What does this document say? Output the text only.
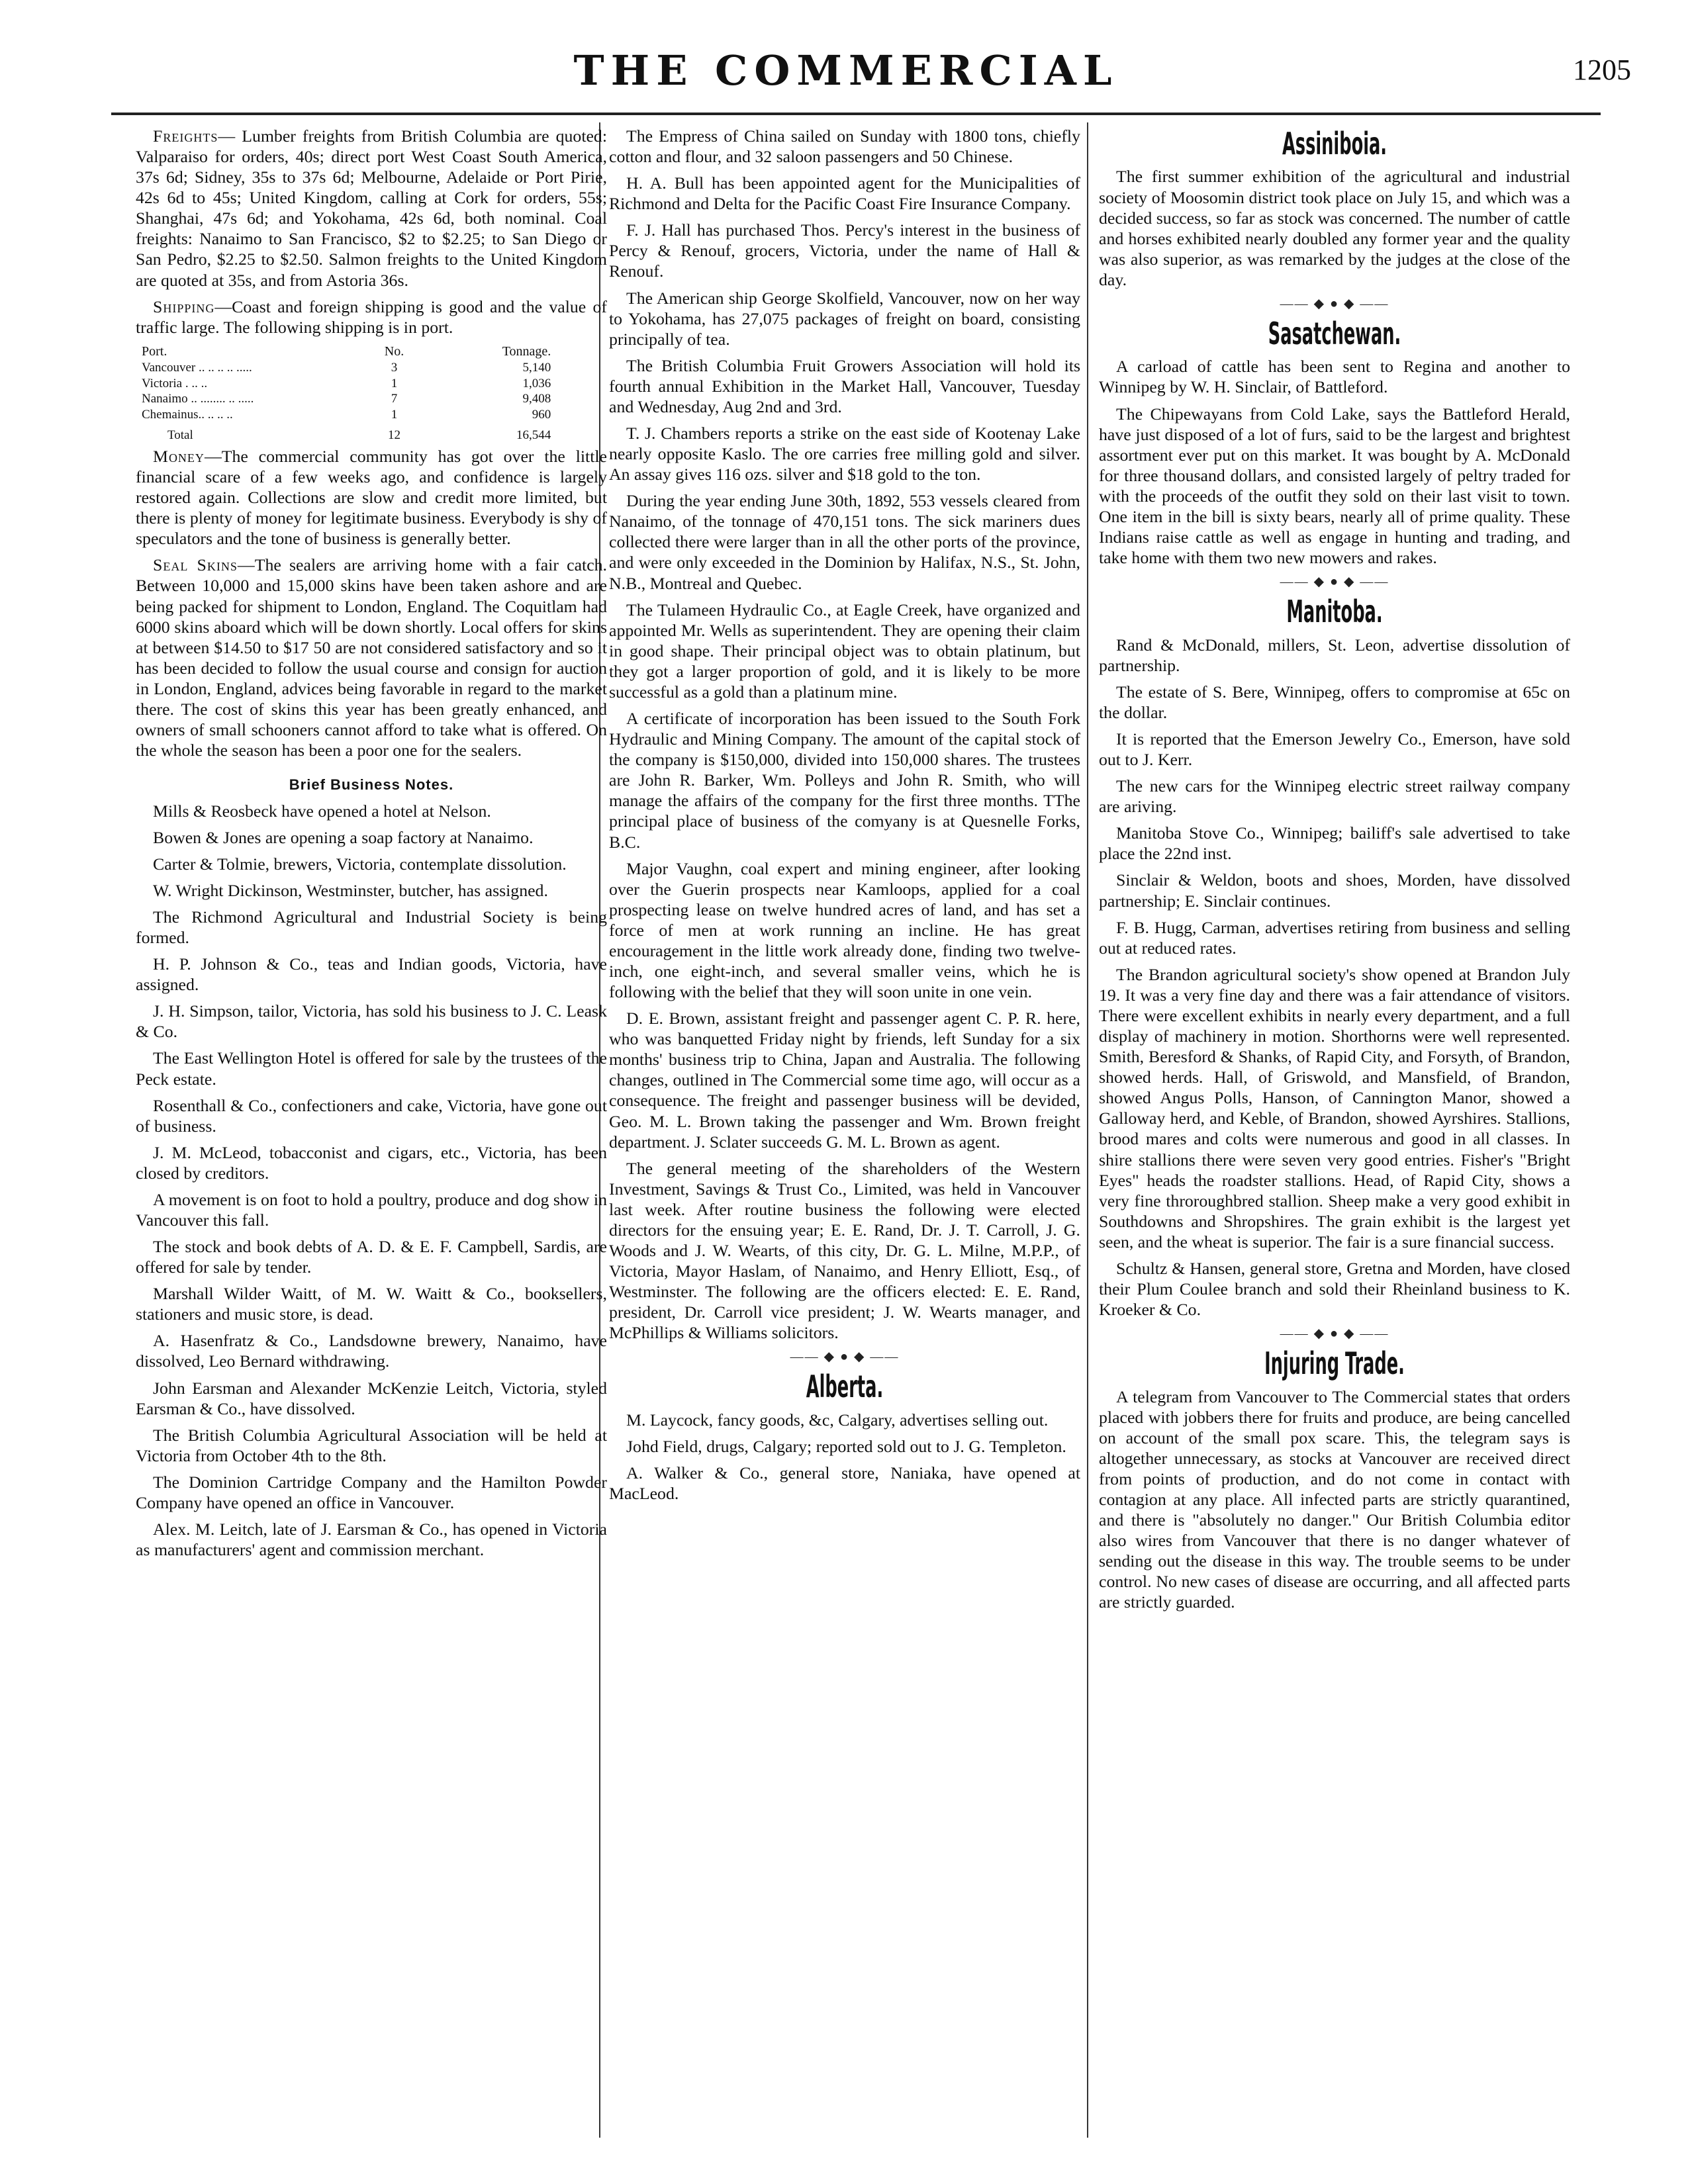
THE COMMERCIAL	1205

Freights— Lumber freights from British Columbia are quoted: Valparaiso for orders, 40s; direct port West Coast South America, 37s 6d; Sidney, 35s to 37s 6d; Melbourne, Adelaide or Port Pirie, 42s 6d to 45s; United Kingdom, calling at Cork for orders, 55s; Shanghai, 47s 6d; and Yokohama, 42s 6d, both nominal. Coal freights: Nanaimo to San Francisco, $2 to $2.25; to San Diego or San Pedro, $2.25 to $2.50. Salmon freights to the United Kingdom are quoted at 35s, and from Astoria 36s.

Shipping—Coast and foreign shipping is good and the value of traffic large. The following shipping is in port.

Port.	No.	Tonnage.
Vancouver .. .. .. .. .....	3	5,140
Victoria . .. ..	1	1,036
Nanaimo .. ........ .. .....	7	9,408
Chemainus.. .. .. ..	1	960
Total	12	16,544

Money—The commercial community has got over the little financial scare of a few weeks ago, and confidence is largely restored again. Collections are slow and credit more limited, but there is plenty of money for legitimate business. Everybody is shy of speculators and the tone of business is generally better.

Seal Skins—The sealers are arriving home with a fair catch. Between 10,000 and 15,000 skins have been taken ashore and are being packed for shipment to London, England. The Coquitlam had 6000 skins aboard which will be down shortly. Local offers for skins at between $14.50 to $17 50 are not considered satisfactory and so it has been decided to follow the usual course and consign for auction in London, England, advices being favorable in regard to the market there. The cost of skins this year has been greatly enhanced, and owners of small schooners cannot afford to take what is offered. On the whole the season has been a poor one for the sealers.

Brief Business Notes.

Mills & Reosbeck have opened a hotel at Nelson.

Bowen & Jones are opening a soap factory at Nanaimo.

Carter & Tolmie, brewers, Victoria, contemplate dissolution.

W. Wright Dickinson, Westminster, butcher, has assigned.

The Richmond Agricultural and Industrial Society is being formed.

H. P. Johnson & Co., teas and Indian goods, Victoria, have assigned.

J. H. Simpson, tailor, Victoria, has sold his business to J. C. Leask & Co.

The East Wellington Hotel is offered for sale by the trustees of the Peck estate.

Rosenthall & Co., confectioners and cake, Victoria, have gone out of business.

J. M. McLeod, tobacconist and cigars, etc., Victoria, has been closed by creditors.

A movement is on foot to hold a poultry, produce and dog show in Vancouver this fall.

The stock and book debts of A. D. & E. F. Campbell, Sardis, are offered for sale by tender.

Marshall Wilder Waitt, of M. W. Waitt & Co., booksellers, stationers and music store, is dead.

A. Hasenfratz & Co., Landsdowne brewery, Nanaimo, have dissolved, Leo Bernard withdrawing.

John Earsman and Alexander McKenzie Leitch, Victoria, styled Earsman & Co., have dissolved.

The British Columbia Agricultural Association will be held at Victoria from October 4th to the 8th.

The Dominion Cartridge Company and the Hamilton Powder Company have opened an office in Vancouver.

Alex. M. Leitch, late of J. Earsman & Co., has opened in Victoria as manufacturers' agent and commission merchant.

The Empress of China sailed on Sunday with 1800 tons, chiefly cotton and flour, and 32 saloon passengers and 50 Chinese.

H. A. Bull has been appointed agent for the Municipalities of Richmond and Delta for the Pacific Coast Fire Insurance Company.

F. J. Hall has purchased Thos. Percy's interest in the business of Percy & Renouf, grocers, Victoria, under the name of Hall & Renouf.

The American ship George Skolfield, Vancouver, now on her way to Yokohama, has 27,075 packages of freight on board, consisting principally of tea.

The British Columbia Fruit Growers Association will hold its fourth annual Exhibition in the Market Hall, Vancouver, Tuesday and Wednesday, Aug 2nd and 3rd.

T. J. Chambers reports a strike on the east side of Kootenay Lake nearly opposite Kaslo. The ore carries free milling gold and silver. An assay gives 116 ozs. silver and $18 gold to the ton.

During the year ending June 30th, 1892, 553 vessels cleared from Nanaimo, of the tonnage of 470,151 tons. The sick mariners dues collected there were larger than in all the other ports of the province, and were only exceeded in the Dominion by Halifax, N.S., St. John, N.B., Montreal and Quebec.

The Tulameen Hydraulic Co., at Eagle Creek, have organized and appointed Mr. Wells as superintendent. They are opening their claim in good shape. Their principal object was to obtain platinum, but they got a larger proportion of gold, and it is likely to be more successful as a gold than a platinum mine.

A certificate of incorporation has been issued to the South Fork Hydraulic and Mining Company. The amount of the capital stock of the company is $150,000, divided into 150,000 shares. The trustees are John R. Barker, Wm. Polleys and John R. Smith, who will manage the affairs of the company for the first three months. TThe principal place of business of the comyany is at Quesnelle Forks, B.C.

Major Vaughn, coal expert and mining engineer, after looking over the Guerin prospects near Kamloops, applied for a coal prospecting lease on twelve hundred acres of land, and has set a force of men at work running an incline. He has great encouragement in the little work already done, finding two twelve-inch, one eight-inch, and several smaller veins, which he is following with the belief that they will soon unite in one vein.

D. E. Brown, assistant freight and passenger agent C. P. R. here, who was banquetted Friday night by friends, left Sunday for a six months' business trip to China, Japan and Australia. The following changes, outlined in The Commercial some time ago, will occur as a consequence. The freight and passenger business will be devided, Geo. M. L. Brown taking the passenger and Wm. Brown freight department. J. Sclater succeeds G. M. L. Brown as agent.

The general meeting of the shareholders of the Western Investment, Savings & Trust Co., Limited, was held in Vancouver last week. After routine business the following were elected directors for the ensuing year; E. E. Rand, Dr. J. T. Carroll, J. G. Woods and J. W. Wearts, of this city, Dr. G. L. Milne, M.P.P., of Victoria, Mayor Haslam, of Nanaimo, and Henry Elliott, Esq., of Westminster. The following are the officers elected: E. E. Rand, president, Dr. Carroll vice president; J. W. Wearts manager, and McPhillips & Williams solicitors.

—— ◆ ● ◆ ——
Alberta.

M. Laycock, fancy goods, &c, Calgary, advertises selling out.

Johd Field, drugs, Calgary; reported sold out to J. G. Templeton.

A. Walker & Co., general store, Naniaka, have opened at MacLeod.

Assiniboia.

The first summer exhibition of the agricultural and industrial society of Moosomin district took place on July 15, and which was a decided success, so far as stock was concerned. The number of cattle and horses exhibited nearly doubled any former year and the quality was also superior, as was remarked by the judges at the close of the day.

—— ◆ ● ◆ ——
Sasatchewan.

A carload of cattle has been sent to Regina and another to Winnipeg by W. H. Sinclair, of Battleford.

The Chipewayans from Cold Lake, says the Battleford Herald, have just disposed of a lot of furs, said to be the largest and brightest assortment ever put on this market. It was bought by A. McDonald for three thousand dollars, and consisted largely of peltry traded for with the proceeds of the outfit they sold on their last visit to town. One item in the bill is sixty bears, nearly all of prime quality. These Indians raise cattle as well as engage in hunting and trading, and take home with them two new mowers and rakes.

—— ◆ ● ◆ ——
Manitoba.

Rand & McDonald, millers, St. Leon, advertise dissolution of partnership.

The estate of S. Bere, Winnipeg, offers to compromise at 65c on the dollar.

It is reported that the Emerson Jewelry Co., Emerson, have sold out to J. Kerr.

The new cars for the Winnipeg electric street railway company are ariving.

Manitoba Stove Co., Winnipeg; bailiff's sale advertised to take place the 22nd inst.

Sinclair & Weldon, boots and shoes, Morden, have dissolved partnership; E. Sinclair continues.

F. B. Hugg, Carman, advertises retiring from business and selling out at reduced rates.

The Brandon agricultural society's show opened at Brandon July 19. It was a very fine day and there was a fair attendance of visitors. There were excellent exhibits in nearly every department, and a full display of machinery in motion. Shorthorns were well represented. Smith, Beresford & Shanks, of Rapid City, and Forsyth, of Brandon, showed herds. Hall, of Griswold, and Mansfield, of Brandon, showed Angus Polls, Hanson, of Cannington Manor, showed a Galloway herd, and Keble, of Brandon, showed Ayrshires. Stallions, brood mares and colts were numerous and good in all classes. In shire stallions there were seven very good entries. Fisher's "Bright Eyes" heads the roadster stallions. Head, of Rapid City, shows a very fine throroughbred stallion. Sheep make a very good exhibit in Southdowns and Shropshires. The grain exhibit is the largest yet seen, and the wheat is superior. The fair is a sure financial success.

Schultz & Hansen, general store, Gretna and Morden, have closed their Plum Coulee branch and sold their Rheinland business to K. Kroeker & Co.

—— ◆ ● ◆ ——
Injuring Trade.

A telegram from Vancouver to The Commercial states that orders placed with jobbers there for fruits and produce, are being cancelled on account of the small pox scare. This, the telegram says is altogether unnecessary, as stocks at Vancouver are received direct from points of production, and do not come in contact with contagion at any place. All infected parts are strictly quarantined, and there is "absolutely no danger." Our British Columbia editor also wires from Vancouver that there is no danger whatever of sending out the disease in this way. The trouble seems to be under control. No new cases of disease are occurring, and all affected parts are strictly guarded.
